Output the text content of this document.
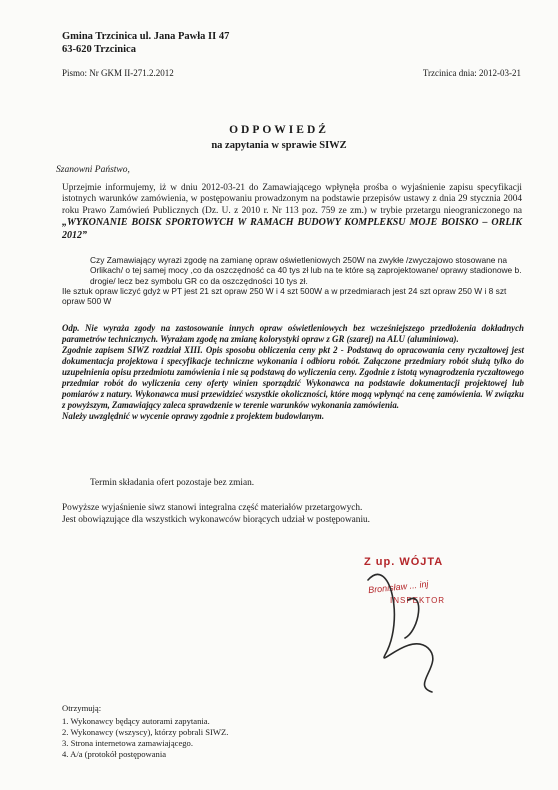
Gmina Trzcinica ul. Jana Pawła II 47
63-620 Trzcinica
Pismo: Nr GKM II-271.2.2012	Trzcinica dnia: 2012-03-21
ODPOWIEDŹ
na zapytania w sprawie SIWZ
Szanowni Państwo,
Uprzejmie informujemy, iż w dniu 2012-03-21 do Zamawiającego wpłynęła prośba o wyjaśnienie zapisu specyfikacji istotnych warunków zamówienia, w postępowaniu prowadzonym na podstawie przepisów ustawy z dnia 29 stycznia 2004 roku Prawo Zamówień Publicznych (Dz. U. z 2010 r. Nr 113 poz. 759 ze zm.) w trybie przetargu nieograniczonego na „WYKONANIE BOISK SPORTOWYCH W RAMACH BUDOWY KOMPLEKSU MOJE BOISKO – ORLIK 2012”

Czy Zamawiający wyrazi zgodę na zamianę opraw oświetleniowych 250W na zwykłe /zwyczajowo stosowane na Orlikach/ o tej samej mocy ,co da oszczędność ca 40 tys zł lub na te które są zaprojektowane/ oprawy stadionowe b. drogie/ lecz bez symbolu GR co da oszczędności 10 tys zł.

Ile sztuk opraw liczyć gdyż w PT jest 21 szt opraw 250 W i 4 szt 500W a w przedmiarach jest 24 szt opraw 250 W i 8 szt opraw 500 W

Odp. Nie wyraża zgody na zastosowanie innych opraw oświetleniowych bez wcześniejszego przedłożenia dokładnych parametrów technicznych. Wyrażam zgodę na zmianę kolorystyki opraw z GR (szarej) na ALU (aluminiowa).

Zgodnie zapisem SIWZ rozdział XIII. Opis sposobu obliczenia ceny pkt 2 - Podstawą do opracowania ceny ryczałtowej jest dokumentacja projektowa i specyfikacje techniczne wykonania i odbioru robót. Załączone przedmiary robót służą tylko do uzupełnienia opisu przedmiotu zamówienia i nie są podstawą do wyliczenia ceny. Zgodnie z istotą wynagrodzenia ryczałtowego przedmiar robót do wyliczenia ceny oferty winien sporządzić Wykonawca na podstawie dokumentacji projektowej lub pomiarów z natury. Wykonawca musi przewidzieć wszystkie okoliczności, które mogą wpłynąć na cenę zamówienia. W związku z powyższym, Zamawiający zaleca sprawdzenie w terenie warunków wykonania zamówienia.

Należy uwzględnić w wycenie oprawy zgodnie z projektem budowlanym.

Termin składania ofert pozostaje bez zmian.

Powyższe wyjaśnienie siwz stanowi integralna część materiałów przetargowych.

Jest obowiązujące dla wszystkich wykonawców biorących udział w postępowaniu.

Z up. WÓJTA
Bronisław ... inj
INSPEKTOR
Otrzymują:
1. Wykonawcy będący autorami zapytania.
2. Wykonawcy (wszyscy), którzy pobrali SIWZ.
3. Strona internetowa zamawiającego.
4. A/a (protokół postępowania
